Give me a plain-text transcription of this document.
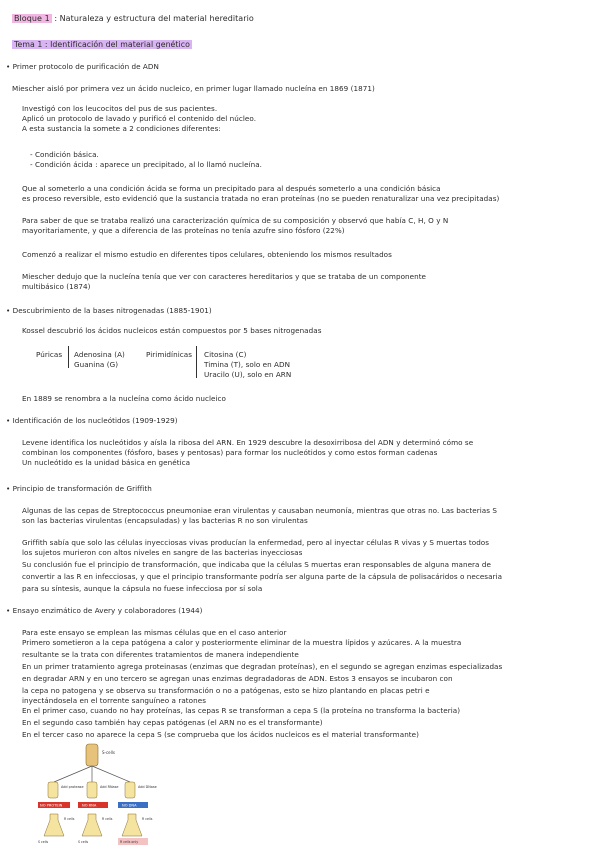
Bloque 1 : Naturaleza y estructura del material hereditario
Tema 1 : Identificación del material genético
• Primer protocolo de purificación de ADN
Miescher aisló por primera vez un ácido nucleico, en primer lugar llamado nucleína en 1869 (1871)
Investigó con los leucocitos del pus de sus pacientes.
Aplicó un protocolo de lavado y purificó el contenido del núcleo.
A esta sustancia la somete a 2 condiciones diferentes:
- Condición básica.
- Condición ácida : aparece un precipitado, al lo llamó nucleína.
Que al someterlo a una condición ácida se forma un precipitado para al después someterlo a una condición básica
es proceso reversible, esto evidenció que la sustancia tratada no eran proteínas (no se pueden renaturalizar una vez precipitadas)
Para saber de que se trataba realizó una caracterización química de su composición y observó que había C, H, O y N
mayoritariamente, y que a diferencia de las proteínas no tenía azufre sino fósforo (22%)
Comenzó a realizar el mismo estudio en diferentes tipos celulares, obteniendo los mismos resultados
Miescher dedujo que la nucleína tenía que ver con caracteres hereditarios y que se trataba de un componente
multibásico (1874)
• Descubrimiento de la bases nitrogenadas (1885-1901)
Kossel descubrió los ácidos nucleicos están compuestos por 5 bases nitrogenadas
Púricas Adenosina (A)
Guanina (G)
Pirimidínicas Citosina (C)
Timina (T), solo en ADN
Uracilo (U), solo en ARN
En 1889 se renombra a la nucleína como ácido nucleico
• Identificación de los nucleótidos (1909-1929)
Levene identifica los nucleótidos y aísla la ribosa del ARN. En 1929 descubre la desoxirribosa del ADN y determinó cómo se
combinan los componentes (fósforo, bases y pentosas) para formar los nucleótidos y como estos forman cadenas
Un nucleótido es la unidad básica en genética
• Principio de transformación de Griffith
Algunas de las cepas de Streptococcus pneumoniae eran virulentas y causaban neumonía, mientras que otras no. Las bacterias S
son las bacterias virulentas (encapsuladas) y las bacterias R no son virulentas
Griffith sabía que solo las células inyecciosas vivas producían la enfermedad, pero al inyectar células R vivas y S muertas todos
los sujetos murieron con altos niveles en sangre de las bacterias inyecciosas
Su conclusión fue el principio de transformación, que indicaba que la células S muertas eran responsables de alguna manera de
convertir a las R en infecciosas, y que el principio transformante podría ser alguna parte de la cápsula de polisacáridos o necesaria
para su síntesis, aunque la cápsula no fuese infecciosa por sí sola
• Ensayo enzimático de Avery y colaboradores (1944)
Para este ensayo se emplean las mismas células que en el caso anterior
Primero sometieron a la cepa patógena a calor y posteriormente eliminar de la muestra lípidos y azúcares. A la muestra
resultante se la trata con diferentes tratamientos de manera independiente
En un primer tratamiento agrega proteinasas (enzimas que degradan proteínas), en el segundo se agregan enzimas especializadas
en degradar ARN y en uno tercero se agregan unas enzimas degradadoras de ADN. Estos 3 ensayos se incubaron con
la cepa no patogena y se observa su transformación o no a patógenas, esto se hizo plantando en placas petri e
inyectándosela en el torrente sanguíneo a ratones
En el primer caso, cuando no hay proteínas, las cepas R se transforman a cepa S (la proteína no transforma la bacteria)
En el segundo caso también hay cepas patógenas (el ARN no es el transformante)
En el tercer caso no aparece la cepa S (se comprueba que los ácidos nucleicos es el material transformante)
S-cells
Add protease	Add RNase	Add DNase
NO PROTEIN	NO RNA	NO DNA
R cells	R cells	R cells
S cells	S cells	R cells only
